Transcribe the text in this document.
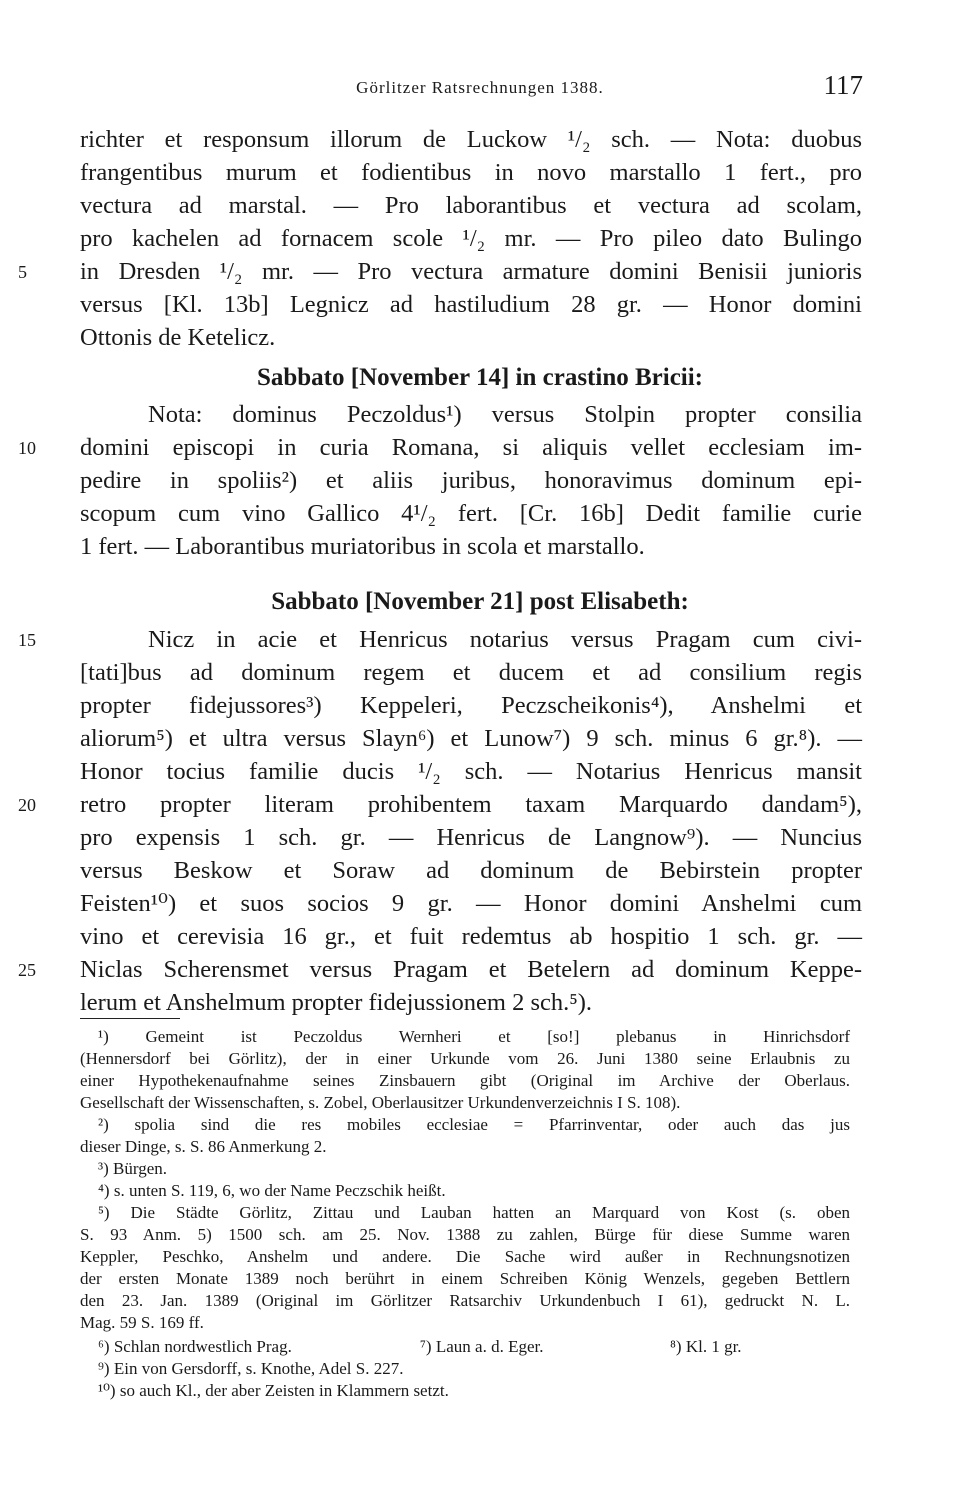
Görlitzer Ratsrechnungen 1388.	117
richter et responsum illorum de Luckow ¹/₂ sch. — Nota: duobus
frangentibus murum et fodientibus in novo marstallo 1 fert., pro
vectura ad marstal. — Pro laborantibus et vectura ad scolam,
pro kachelen ad fornacem scole ¹/₂ mr. — Pro pileo dato Bulingo
in Dresden ¹/₂ mr. — Pro vectura armature domini Benisii junioris
versus [Kl. 13b] Legnicz ad hastiludium 28 gr. — Honor domini
Ottonis de Ketelicz.
Sabbato [November 14] in crastino Bricii:
Nota: dominus Peczoldus¹) versus Stolpin propter consilia
domini episcopi in curia Romana, si aliquis vellet ecclesiam im-
pedire in spoliis²) et aliis juribus, honoravimus dominum epi-
scopum cum vino Gallico 4¹/₂ fert. [Cr. 16b] Dedit familie curie
1 fert. — Laborantibus muriatoribus in scola et marstallo.
Sabbato [November 21] post Elisabeth:
Nicz in acie et Henricus notarius versus Pragam cum civi-
[tati]bus ad dominum regem et ducem et ad consilium regis
propter fidejussores³) Keppeleri, Peczscheikonis⁴), Anshelmi et
aliorum⁵) et ultra versus Slayn⁶) et Lunow⁷) 9 sch. minus 6 gr.⁸). —
Honor tocius familie ducis ¹/₂ sch. — Notarius Henricus mansit
retro propter literam prohibentem taxam Marquardo dandam⁵),
pro expensis 1 sch. gr. — Henricus de Langnow⁹). — Nuncius
versus Beskow et Soraw ad dominum de Bebirstein propter
Feisten¹⁰) et suos socios 9 gr. — Honor domini Anshelmi cum
vino et cerevisia 16 gr., et fuit redemtus ab hospitio 1 sch. gr. —
Niclas Scherensmet versus Pragam et Betelern ad dominum Keppe-
lerum et Anshelmum propter fidejussionem 2 sch.⁵).
5
10
15
20
25
¹) Gemeint ist Peczoldus Wernheri et [so!] plebanus in Hinrichsdorf
(Hennersdorf bei Görlitz), der in einer Urkunde vom 26. Juni 1380 seine Erlaubnis zu
einer Hypothekenaufnahme seines Zinsbauern gibt (Original im Archive der Oberlaus.
Gesellschaft der Wissenschaften, s. Zobel, Oberlausitzer Urkundenverzeichnis I S. 108).
²) spolia sind die res mobiles ecclesiae = Pfarrinventar, oder auch das jus
dieser Dinge, s. S. 86 Anmerkung 2.
³) Bürgen.
⁴) s. unten S. 119, 6, wo der Name Peczschik heißt.
⁵) Die Städte Görlitz, Zittau und Lauban hatten an Marquard von Kost (s. oben
S. 93 Anm. 5) 1500 sch. am 25. Nov. 1388 zu zahlen, Bürge für diese Summe waren
Keppler, Peschko, Anshelm und andere. Die Sache wird außer in Rechnungsnotizen
der ersten Monate 1389 noch berührt in einem Schreiben König Wenzels, gegeben Bettlern
den 23. Jan. 1389 (Original im Görlitzer Ratsarchiv Urkundenbuch I 61), gedruckt N. L.
Mag. 59 S. 169 ff.
⁶) Schlan nordwestlich Prag.	⁷) Laun a. d. Eger.	⁸) Kl. 1 gr.
⁹) Ein von Gersdorff, s. Knothe, Adel S. 227.
¹⁰) so auch Kl., der aber Zeisten in Klammern setzt.
